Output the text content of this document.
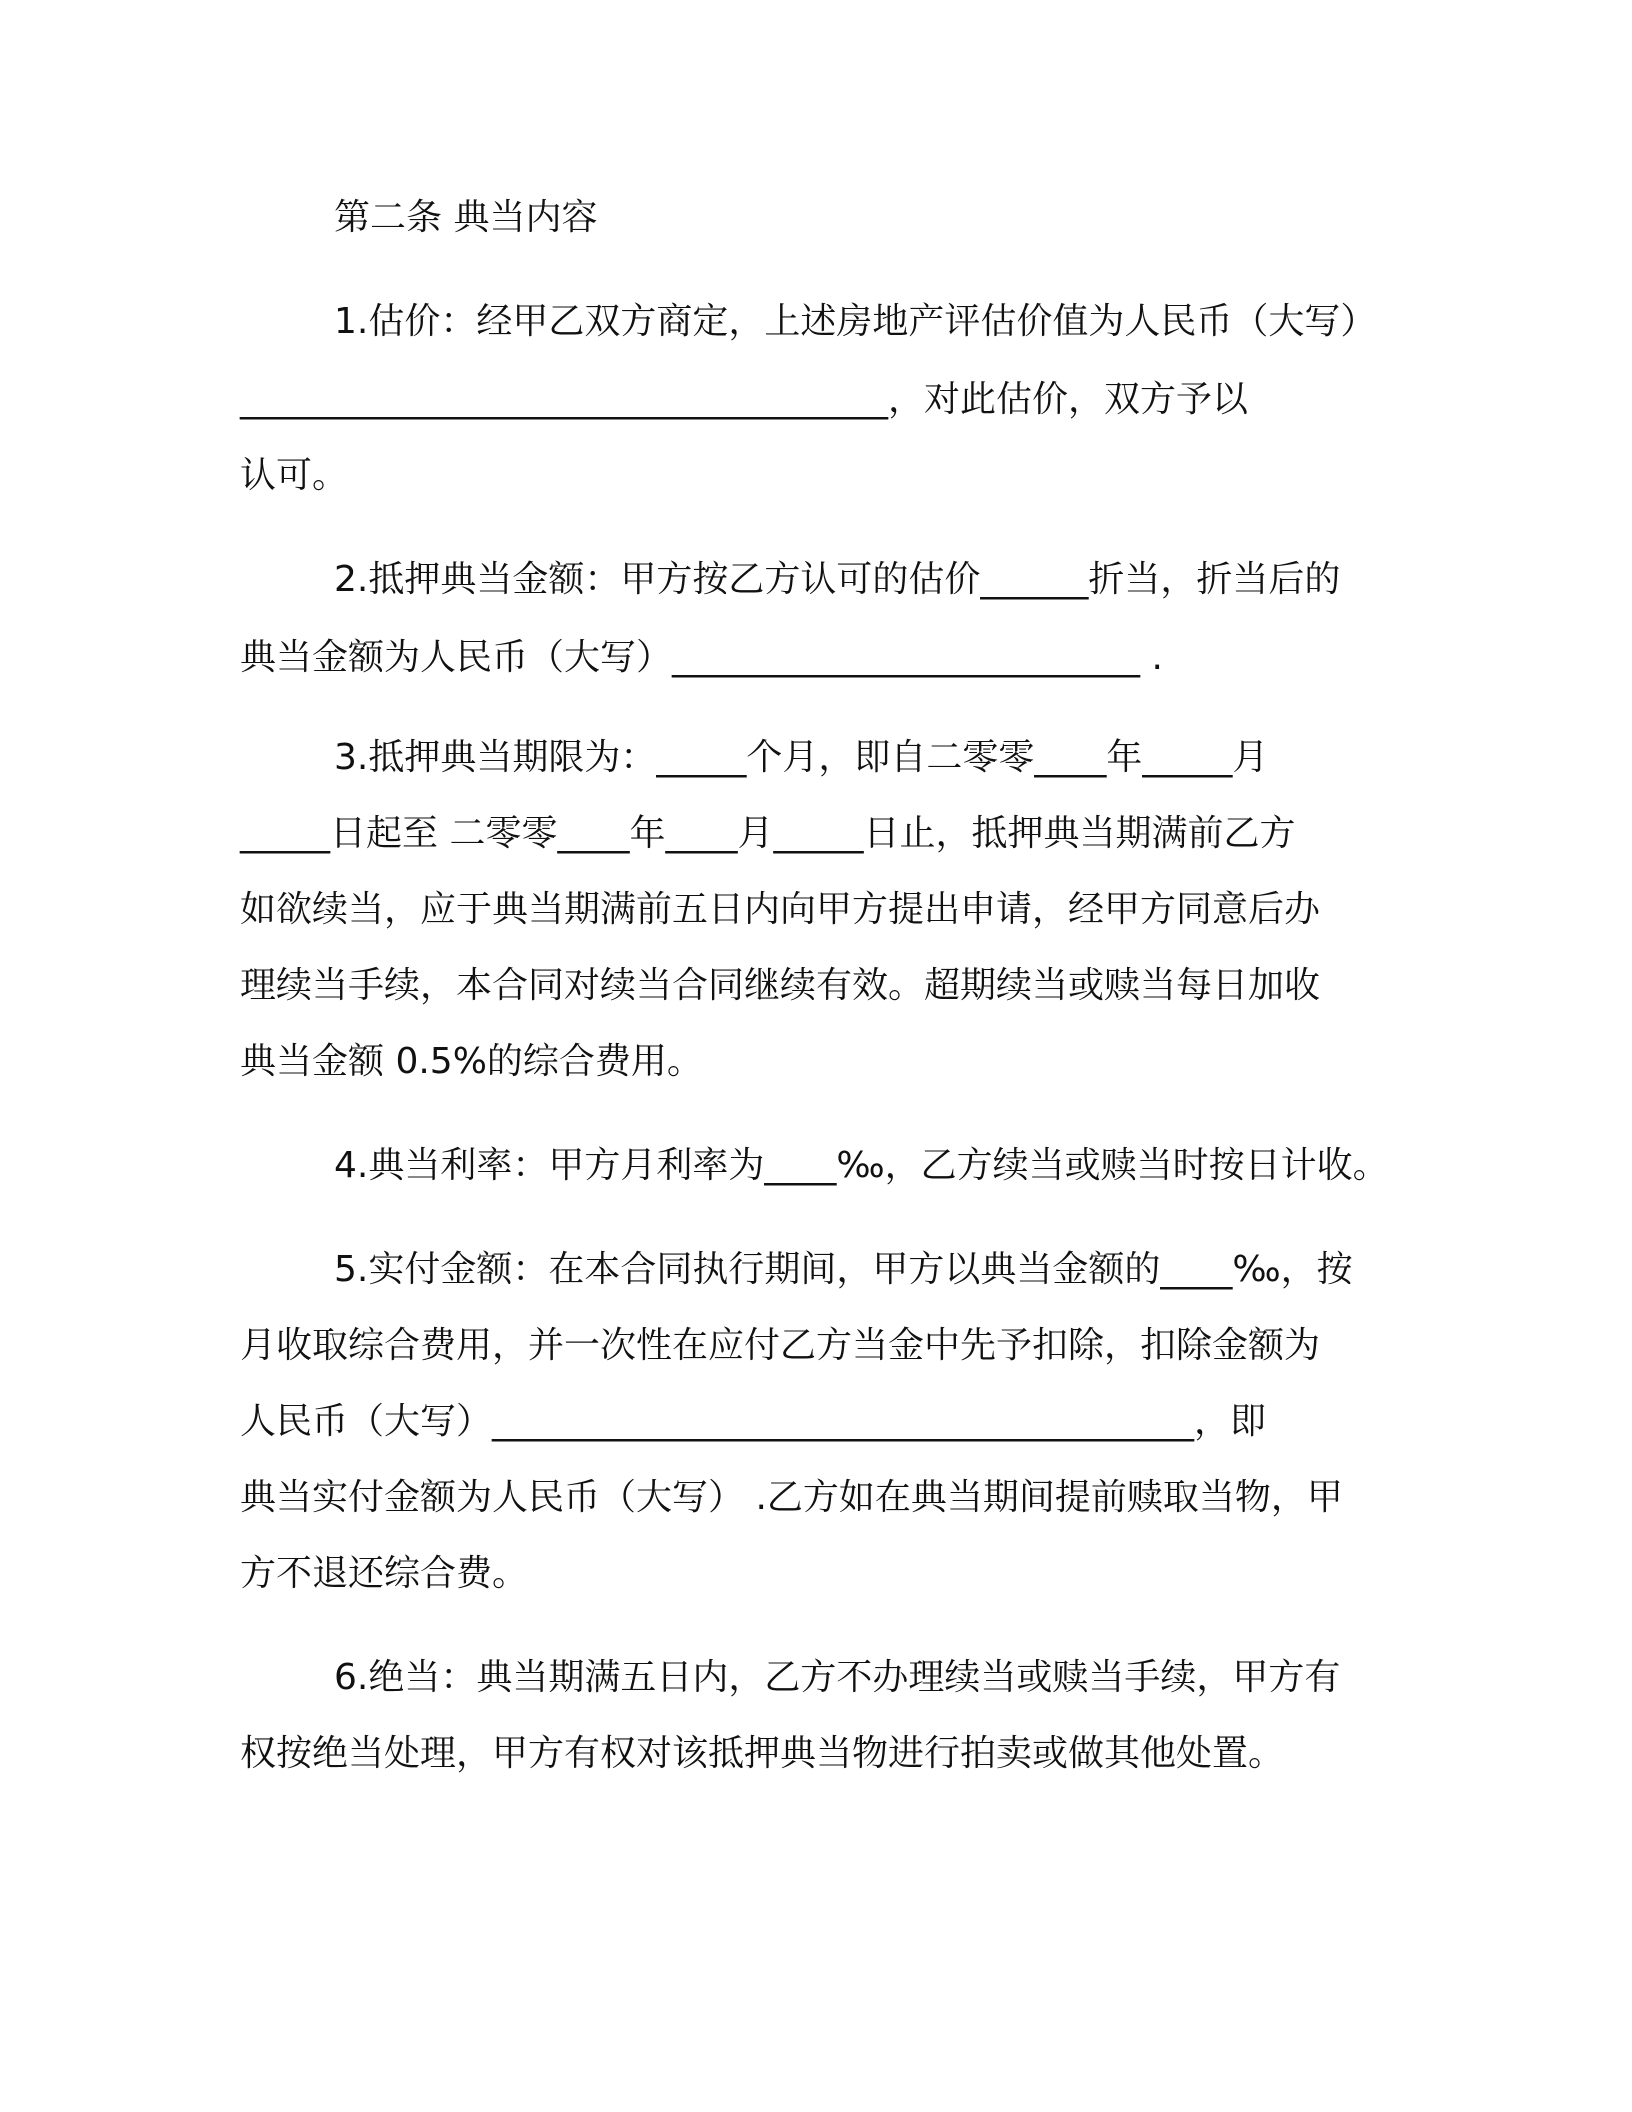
第二条 典当内容
1.估价：经甲乙双方商定，上述房地产评估价值为人民币（大写）
____________________________________，对此估价，双方予以
认可。
2.抵押典当金额：甲方按乙方认可的估价______折当，折当后的
典当金额为人民币（大写）__________________________ .
3.抵押典当期限为：_____个月，即自二零零____年_____月
_____日起至 二零零____年____月_____日止，抵押典当期满前乙方
如欲续当，应于典当期满前五日内向甲方提出申请，经甲方同意后办
理续当手续，本合同对续当合同继续有效。超期续当或赎当每日加收
典当金额 0.5%的综合费用。
4.典当利率：甲方月利率为____‰，乙方续当或赎当时按日计收。
5.实付金额：在本合同执行期间，甲方以典当金额的____‰，按
月收取综合费用，并一次性在应付乙方当金中先予扣除，扣除金额为
人民币（大写）_______________________________________，即
典当实付金额为人民币（大写） .乙方如在典当期间提前赎取当物，甲
方不退还综合费。
6.绝当：典当期满五日内，乙方不办理续当或赎当手续，甲方有
权按绝当处理，甲方有权对该抵押典当物进行拍卖或做其他处置。
